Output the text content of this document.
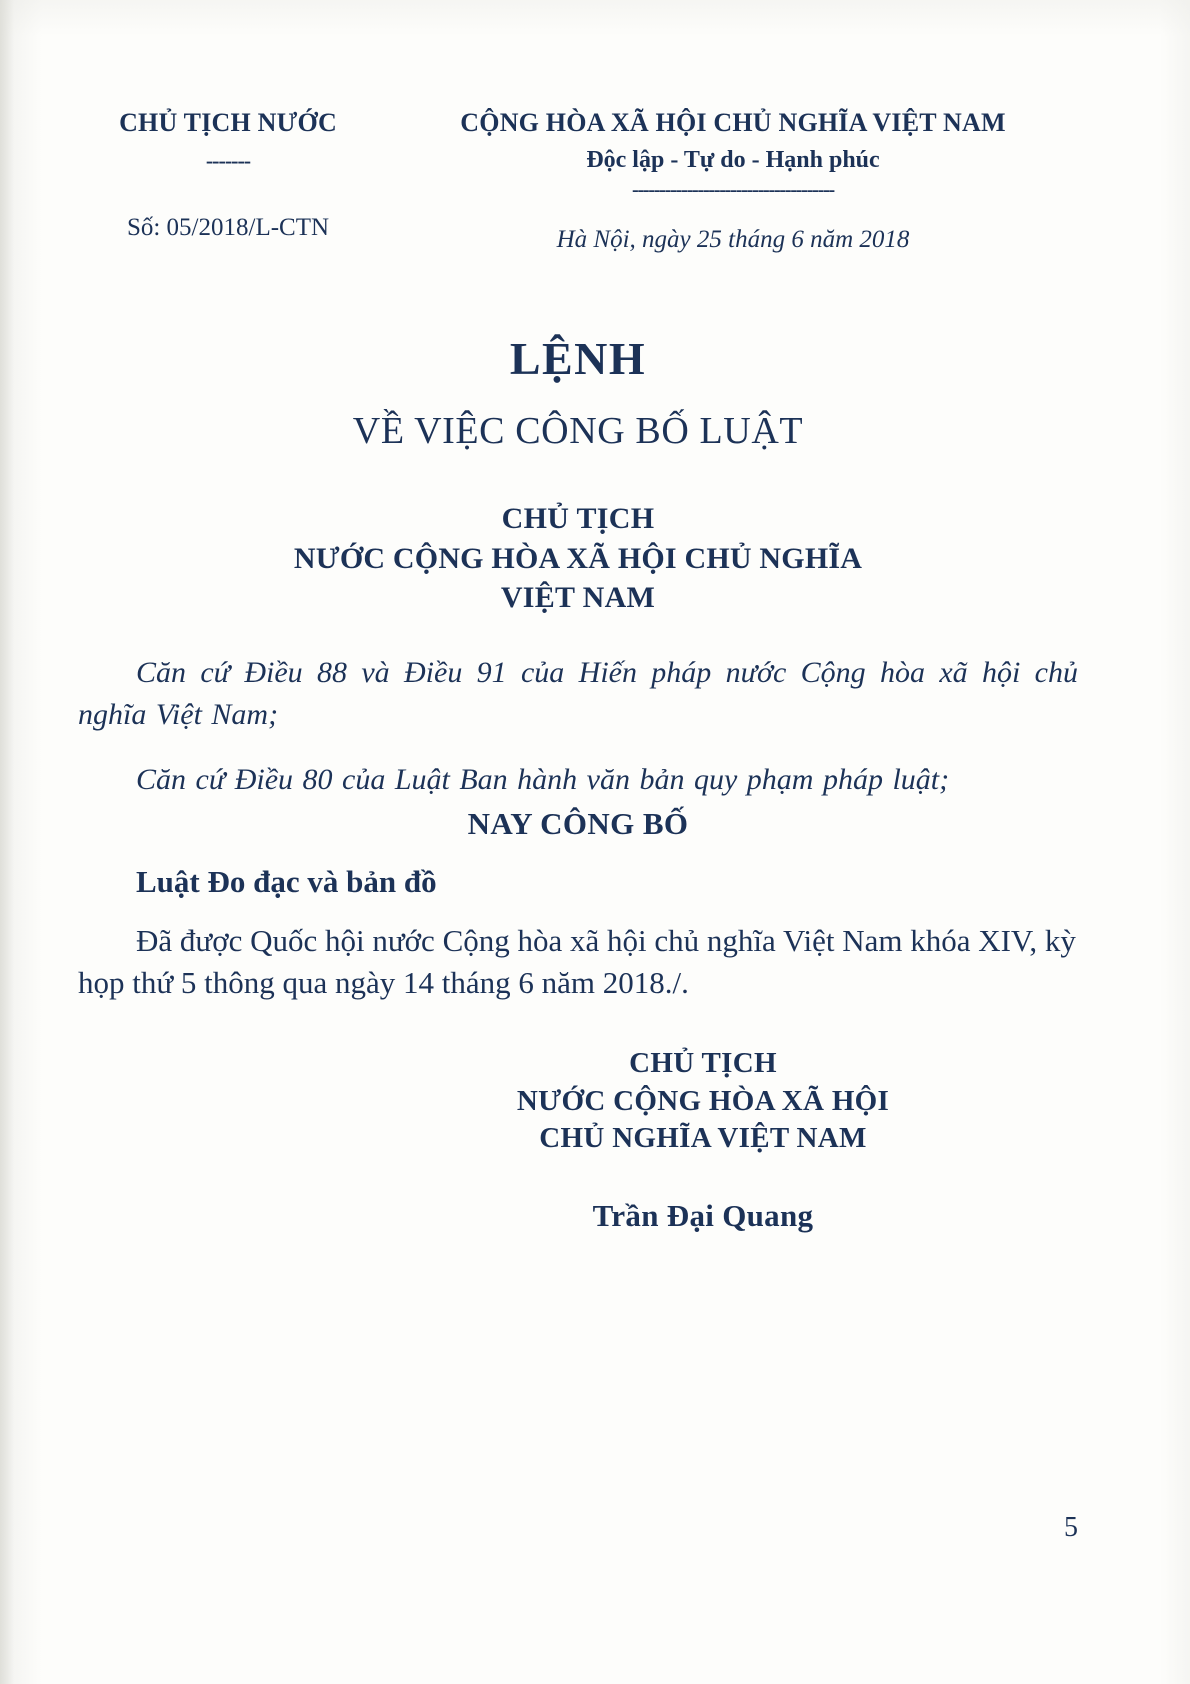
CHỦ TỊCH NƯỚC
-------
Số: 05/2018/L-CTN
CỘNG HÒA XÃ HỘI CHỦ NGHĨA VIỆT NAM
Độc lập - Tự do - Hạnh phúc
-------------------------------------
Hà Nội, ngày 25 tháng 6 năm 2018
LỆNH
VỀ VIỆC CÔNG BỐ LUẬT
CHỦ TỊCH
NƯỚC CỘNG HÒA XÃ HỘI CHỦ NGHĨA
VIỆT NAM
Căn cứ Điều 88 và Điều 91 của Hiến pháp nước Cộng hòa xã hội chủ nghĩa Việt Nam;
Căn cứ Điều 80 của Luật Ban hành văn bản quy phạm pháp luật;
NAY CÔNG BỐ
Luật Đo đạc và bản đồ
Đã được Quốc hội nước Cộng hòa xã hội chủ nghĩa Việt Nam khóa XIV, kỳ họp thứ 5 thông qua ngày 14 tháng 6 năm 2018./.
CHỦ TỊCH
NƯỚC CỘNG HÒA XÃ HỘI
CHỦ NGHĨA VIỆT NAM
Trần Đại Quang
5
